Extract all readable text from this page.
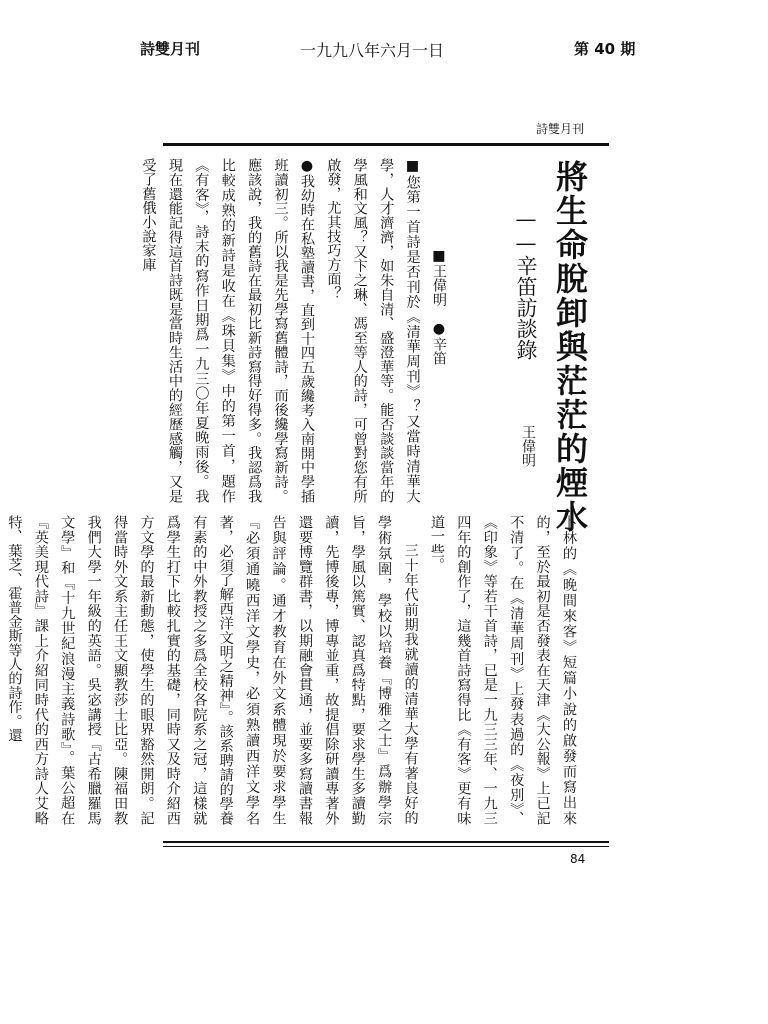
詩雙月刊	一九九八年六月一日	第 40 期
詩雙月刊
將生命脫卸與茫茫的煙水
——辛笛訪談錄
王偉明

■王偉明　●辛笛

■您第一首詩是否刊於《清華周刊》？又當時清華大學，人才濟濟，如朱自清、盛澄華等。能否談談當年的學風和文風？又卞之琳、馮至等人的詩，可曾對您有所啟發，尤其技巧方面？

●我幼時在私塾讀書，直到十四五歲纔考入南開中學插班讀初三。所以我是先學寫舊體詩，而後纔學寫新詩。應該說，我的舊詩在最初比新詩寫得好得多。我認爲我比較成熟的新詩是收在《珠貝集》中的第一首，題作《有客》，詩末的寫作日期爲一九三〇年夏晚雨後。我現在還能記得這首詩既是當時生活中的經歷感觸，又是受了舊俄小說家庫

卜林的《晚間來客》短篇小說的啟發而寫出來的，至於最初是否發表在天津《大公報》上已記不清了。在《清華周刊》上發表過的《夜別》、《印象》等若干首詩，已是一九三三年、一九三四年的創作了，這幾首詩寫得比《有客》更有味道一些。

三十年代前期我就讀的清華大學有著良好的學術氛圍，學校以培養『博雅之士』爲辦學宗旨，學風以篤實、認真爲特點，要求學生多讀勤讀，先博後專，博專並重，故提倡除研讀專著外還要博覽群書，以期融會貫通，並要多寫讀書報告與評論。通才教育在外文系體現於要求學生『必須通曉西洋文學史，必須熟讀西洋文學名著，必須了解西洋文明之精神』。該系聘請的學養有素的中外教授之多爲全校各院系之冠，這樣就爲學生打下比較扎實的基礎，同時又及時介紹西方文學的最新動態，使學生的眼界豁然開朗。記得當時外文系主任王文顯教莎士比亞。陳福田教我們大學一年級的英語。吳宓講授『古希臘羅馬文學』和『十九世紀浪漫主義詩歌』。葉公超在『英美現代詩』課上介紹同時代的西方詩人艾略特、葉芝、霍普金斯等人的詩作。還

84
